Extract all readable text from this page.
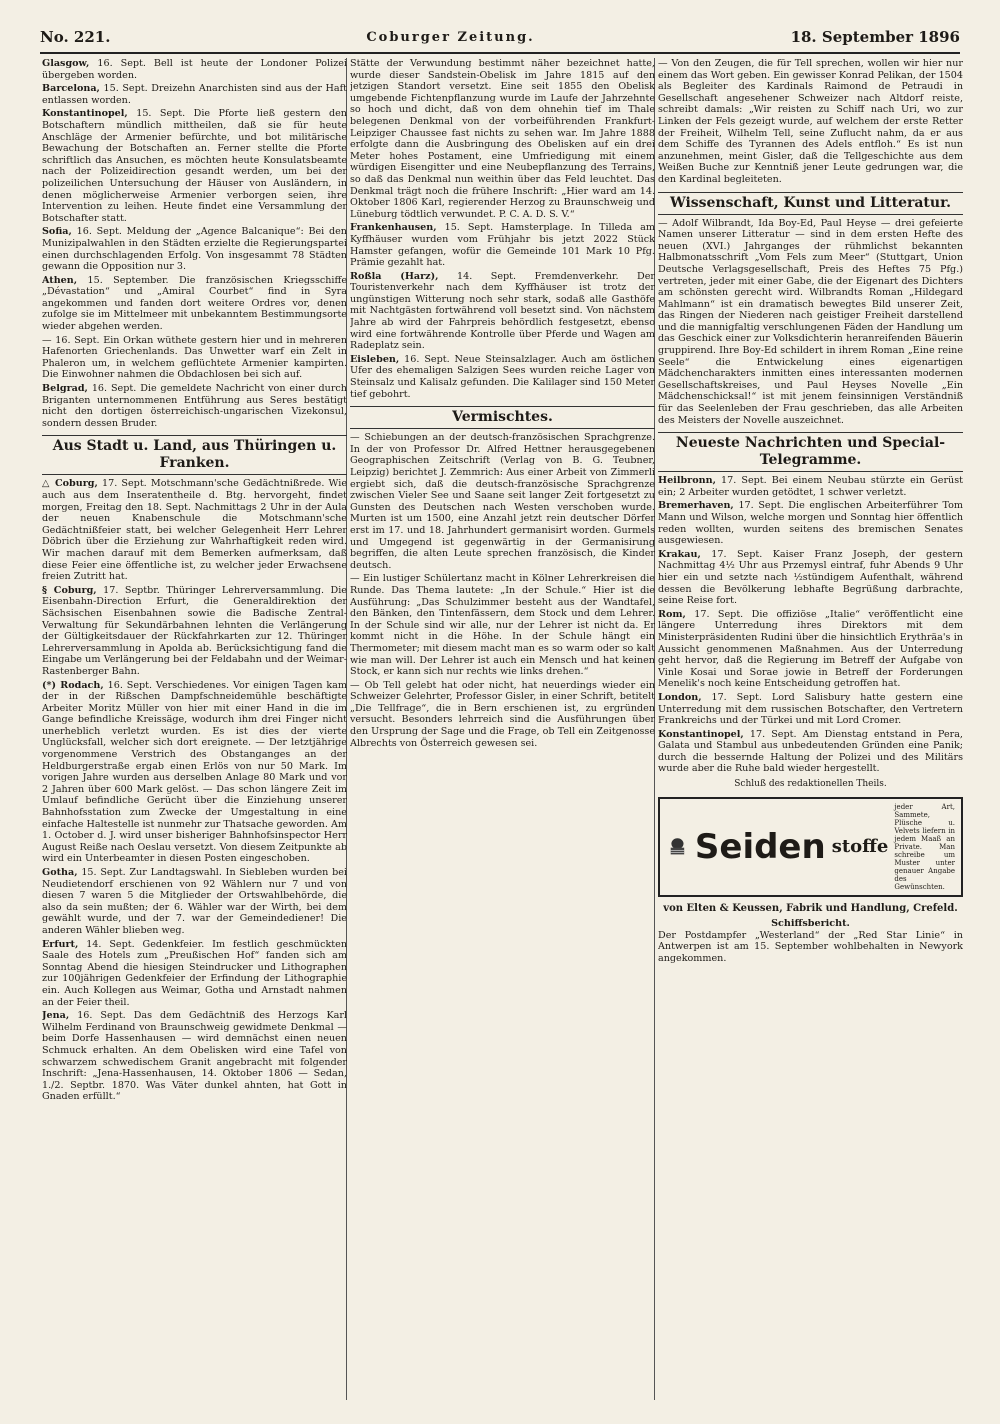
No. 221.	Coburger Zeitung.	18. September 1896

Glasgow, 16. Sept. Bell ist heute der Londoner Polizei übergeben worden.

Barcelona, 15. Sept. Dreizehn Anarchisten sind aus der Haft entlassen worden.

Konstantinopel, 15. Sept. Die Pforte ließ gestern den Botschaftern mündlich mittheilen, daß sie für heute Anschläge der Armenier befürchte, und bot militärische Bewachung der Botschaften an. Ferner stellte die Pforte schriftlich das Ansuchen, es möchten heute Konsulatsbeamte nach der Polizeidirection gesandt werden, um bei der polizeilichen Untersuchung der Häuser von Ausländern, in denen möglicherweise Armenier verborgen seien, ihre Intervention zu leihen. Heute findet eine Versammlung der Botschafter statt.

Sofia, 16. Sept. Meldung der „Agence Balcanique“: Bei den Munizipalwahlen in den Städten erzielte die Regierungspartei einen durchschlagenden Erfolg. Von insgesammt 78 Städten gewann die Opposition nur 3.

Athen, 15. September. Die französischen Kriegsschiffe „Dévastation“ und „Amiral Courbet“ find in Syra angekommen und fanden dort weitere Ordres vor, denen zufolge sie im Mittelmeer mit unbekanntem Bestimmungsorte wieder abgehen werden.

— 16. Sept. Ein Orkan wüthete gestern hier und in mehreren Hafenorten Griechenlands. Das Unwetter warf ein Zelt in Phaleron um, in welchem geflüchtete Armenier kampirten. Die Einwohner nahmen die Obdachlosen bei sich auf.

Belgrad, 16. Sept. Die gemeldete Nachricht von einer durch Briganten unternommenen Entführung aus Seres bestätigt nicht den dortigen österreichisch-ungarischen Vizekonsul, sondern dessen Bruder.

Aus Stadt u. Land, aus Thüringen u. Franken.

△ Coburg, 17. Sept. Motschmann'sche Gedächtnißrede. Wie auch aus dem Inseratentheile d. Btg. hervorgeht, findet morgen, Freitag den 18. Sept. Nachmittags 2 Uhr in der Aula der neuen Knabenschule die Motschmann'sche Gedächtnißfeier statt, bei welcher Gelegenheit Herr Lehrer Döbrich über die Erziehung zur Wahrhaftigkeit reden wird. Wir machen darauf mit dem Bemerken aufmerksam, daß diese Feier eine öffentliche ist, zu welcher jeder Erwachsene freien Zutritt hat.

§ Coburg, 17. Septbr. Thüringer Lehrerversammlung. Die Eisenbahn-Direction Erfurt, die Generaldirektion der Sächsischen Eisenbahnen sowie die Badische Zentral-Verwaltung für Sekundärbahnen lehnten die Verlängerung der Gültigkeitsdauer der Rückfahrkarten zur 12. Thüringer Lehrerversammlung in Apolda ab. Berücksichtigung fand die Eingabe um Verlängerung bei der Feldabahn und der Weimar-Rastenberger Bahn.

(*) Rodach, 16. Sept. Verschiedenes. Vor einigen Tagen kam der in der Rißschen Dampfschneidemühle beschäftigte Arbeiter Moritz Müller von hier mit einer Hand in die im Gange befindliche Kreissäge, wodurch ihm drei Finger nicht unerheblich verletzt wurden. Es ist dies der vierte Unglücksfall, welcher sich dort ereignete. — Der letztjährige vorgenommene Verstrich des Obstanganges an der Heldburgerstraße ergab einen Erlös von nur 50 Mark. Im vorigen Jahre wurden aus derselben Anlage 80 Mark und vor 2 Jahren über 600 Mark gelöst. — Das schon längere Zeit im Umlauf befindliche Gerücht über die Einziehung unserer Bahnhofsstation zum Zwecke der Umgestaltung in eine einfache Haltestelle ist nunmehr zur Thatsache geworden. Am 1. October d. J. wird unser bisheriger Bahnhofsinspector Herr August Reiße nach Oeslau versetzt. Von diesem Zeitpunkte ab wird ein Unterbeamter in diesen Posten eingeschoben.

Gotha, 15. Sept. Zur Landtagswahl. In Siebleben wurden bei Neudietendorf erschienen von 92 Wählern nur 7 und von diesen 7 waren 5 die Mitglieder der Ortswahlbehörde, die also da sein mußten; der 6. Wähler war der Wirth, bei dem gewählt wurde, und der 7. war der Gemeindediener! Die anderen Wähler blieben weg.

Erfurt, 14. Sept. Gedenkfeier. Im festlich geschmückten Saale des Hotels zum „Preußischen Hof“ fanden sich am Sonntag Abend die hiesigen Steindrucker und Lithographen zur 100jährigen Gedenkfeier der Erfindung der Lithographie ein. Auch Kollegen aus Weimar, Gotha und Arnstadt nahmen an der Feier theil.

Jena, 16. Sept. Das dem Gedächtniß des Herzogs Karl Wilhelm Ferdinand von Braunschweig gewidmete Denkmal — beim Dorfe Hassenhausen — wird demnächst einen neuen Schmuck erhalten. An dem Obelisken wird eine Tafel von schwarzem schwedischem Granit angebracht mit folgender Inschrift: „Jena-Hassenhausen, 14. Oktober 1806 — Sedan, 1./2. Septbr. 1870. Was Väter dunkel ahnten, hat Gott in Gnaden erfüllt.“

Stätte der Verwundung bestimmt näher bezeichnet hatte, wurde dieser Sandstein-Obelisk im Jahre 1815 auf den jetzigen Standort versetzt. Eine seit 1855 den Obelisk umgebende Fichtenpflanzung wurde im Laufe der Jahrzehnte so hoch und dicht, daß von dem ohnehin tief im Thale belegenen Denkmal von der vorbeiführenden Frankfurt-Leipziger Chaussee fast nichts zu sehen war. Im Jahre 1888 erfolgte dann die Ausbringung des Obelisken auf ein drei Meter hohes Postament, eine Umfriedigung mit einem würdigen Eisengitter und eine Neubepflanzung des Terrains, so daß das Denkmal nun weithin über das Feld leuchtet. Das Denkmal trägt noch die frühere Inschrift: „Hier ward am 14. Oktober 1806 Karl, regierender Herzog zu Braunschweig und Lüneburg tödtlich verwundet. P. C. A. D. S. V.“

Frankenhausen, 15. Sept. Hamsterplage. In Tilleda am Kyffhäuser wurden vom Frühjahr bis jetzt 2022 Stück Hamster gefangen, wofür die Gemeinde 101 Mark 10 Pfg. Prämie gezahlt hat.

Roßla (Harz), 14. Sept. Fremdenverkehr. Der Touristenverkehr nach dem Kyffhäuser ist trotz der ungünstigen Witterung noch sehr stark, sodaß alle Gasthöfe mit Nachtgästen fortwährend voll besetzt sind. Von nächstem Jahre ab wird der Fahrpreis behördlich festgesetzt, ebenso wird eine fortwährende Kontrolle über Pferde und Wagen am Radeplatz sein.

Eisleben, 16. Sept. Neue Steinsalzlager. Auch am östlichen Ufer des ehemaligen Salzigen Sees wurden reiche Lager von Steinsalz und Kalisalz gefunden. Die Kalilager sind 150 Meter tief gebohrt.

Vermischtes.

— Schiebungen an der deutsch-französischen Sprachgrenze. In der von Professor Dr. Alfred Hettner herausgegebenen Geographischen Zeitschrift (Verlag von B. G. Teubner, Leipzig) berichtet J. Zemmrich: Aus einer Arbeit von Zimmerli ergiebt sich, daß die deutsch-französische Sprachgrenze zwischen Vieler See und Saane seit langer Zeit fortgesetzt zu Gunsten des Deutschen nach Westen verschoben wurde. Murten ist um 1500, eine Anzahl jetzt rein deutscher Dörfer erst im 17. und 18. Jahrhundert germanisirt worden. Gurmels und Umgegend ist gegenwärtig in der Germanisirung begriffen, die alten Leute sprechen französisch, die Kinder deutsch.

— Ein lustiger Schülertanz macht in Kölner Lehrerkreisen die Runde. Das Thema lautete: „In der Schule.“ Hier ist die Ausführung: „Das Schulzimmer besteht aus der Wandtafel, den Bänken, den Tintenfässern, dem Stock und dem Lehrer. In der Schule sind wir alle, nur der Lehrer ist nicht da. Er kommt nicht in die Höhe. In der Schule hängt ein Thermometer; mit diesem macht man es so warm oder so kalt wie man will. Der Lehrer ist auch ein Mensch und hat keinen Stock, er kann sich nur rechts wie links drehen.“

— Ob Tell gelebt hat oder nicht, hat neuerdings wieder ein Schweizer Gelehrter, Professor Gisler, in einer Schrift, betitelt „Die Tellfrage“, die in Bern erschienen ist, zu ergründen versucht. Besonders lehrreich sind die Ausführungen über den Ursprung der Sage und die Frage, ob Tell ein Zeitgenosse Albrechts von Österreich gewesen sei.

— Von den Zeugen, die für Tell sprechen, wollen wir hier nur einem das Wort geben. Ein gewisser Konrad Pelikan, der 1504 als Begleiter des Kardinals Raimond de Petraudi in Gesellschaft angesehener Schweizer nach Altdorf reiste, schreibt damals: „Wir reisten zu Schiff nach Uri, wo zur Linken der Fels gezeigt wurde, auf welchem der erste Retter der Freiheit, Wilhelm Tell, seine Zuflucht nahm, da er aus dem Schiffe des Tyrannen des Adels entfloh.“ Es ist nun anzunehmen, meint Gisler, daß die Tellgeschichte aus dem Weißen Buche zur Kenntniß jener Leute gedrungen war, die den Kardinal begleiteten.

Wissenschaft, Kunst und Litteratur.

— Adolf Wilbrandt, Ida Boy-Ed, Paul Heyse — drei gefeierte Namen unserer Litteratur — sind in dem ersten Hefte des neuen (XVI.) Jahrganges der rühmlichst bekannten Halbmonatsschrift „Vom Fels zum Meer“ (Stuttgart, Union Deutsche Verlagsgesellschaft, Preis des Heftes 75 Pfg.) vertreten, jeder mit einer Gabe, die der Eigenart des Dichters am schönsten gerecht wird. Wilbrandts Roman „Hildegard Mahlmann“ ist ein dramatisch bewegtes Bild unserer Zeit, das Ringen der Niederen nach geistiger Freiheit darstellend und die mannigfaltig verschlungenen Fäden der Handlung um das Geschick einer zur Volksdichterin heranreifenden Bäuerin gruppirend. Ihre Boy-Ed schildert in ihrem Roman „Eine reine Seele“ die Entwickelung eines eigenartigen Mädchencharakters inmitten eines interessanten modernen Gesellschaftskreises, und Paul Heyses Novelle „Ein Mädchenschicksal!“ ist mit jenem feinsinnigen Verständniß für das Seelenleben der Frau geschrieben, das alle Arbeiten des Meisters der Novelle auszeichnet.

Neueste Nachrichten und Special-Telegramme.

Heilbronn, 17. Sept. Bei einem Neubau stürzte ein Gerüst ein; 2 Arbeiter wurden getödtet, 1 schwer verletzt.

Bremerhaven, 17. Sept. Die englischen Arbeiterführer Tom Mann und Wilson, welche morgen und Sonntag hier öffentlich reden wollten, wurden seitens des bremischen Senates ausgewiesen.

Krakau, 17. Sept. Kaiser Franz Joseph, der gestern Nachmittag 4½ Uhr aus Przemysl eintraf, fuhr Abends 9 Uhr hier ein und setzte nach ½stündigem Aufenthalt, während dessen die Bevölkerung lebhafte Begrüßung darbrachte, seine Reise fort.

Rom, 17. Sept. Die offiziöse „Italie“ veröffentlicht eine längere Unterredung ihres Direktors mit dem Ministerpräsidenten Rudini über die hinsichtlich Erythräa's in Aussicht genommenen Maßnahmen. Aus der Unterredung geht hervor, daß die Regierung im Betreff der Aufgabe von Vinle Kosai und Sorae jowie in Betreff der Forderungen Menelik's noch keine Entscheidung getroffen hat.

London, 17. Sept. Lord Salisbury hatte gestern eine Unterredung mit dem russischen Botschafter, den Vertretern Frankreichs und der Türkei und mit Lord Cromer.

Konstantinopel, 17. Sept. Am Dienstag entstand in Pera, Galata und Stambul aus unbedeutenden Gründen eine Panik; durch die bessernde Haltung der Polizei und des Militärs wurde aber die Ruhe bald wieder hergestellt.

Schluß des redaktionellen Theils.
Seiden stoffe
jeder Art, Sammete, Plüsche u. Velvets liefern in jedem Maaß an Private. Man schreibe um Muster unter genauer Angabe des Gewünschten.
von Elten & Keussen, Fabrik und Handlung, Crefeld.
Schiffsbericht.

Der Postdampfer „Westerland“ der „Red Star Linie“ in Antwerpen ist am 15. September wohlbehalten in Newyork angekommen.
